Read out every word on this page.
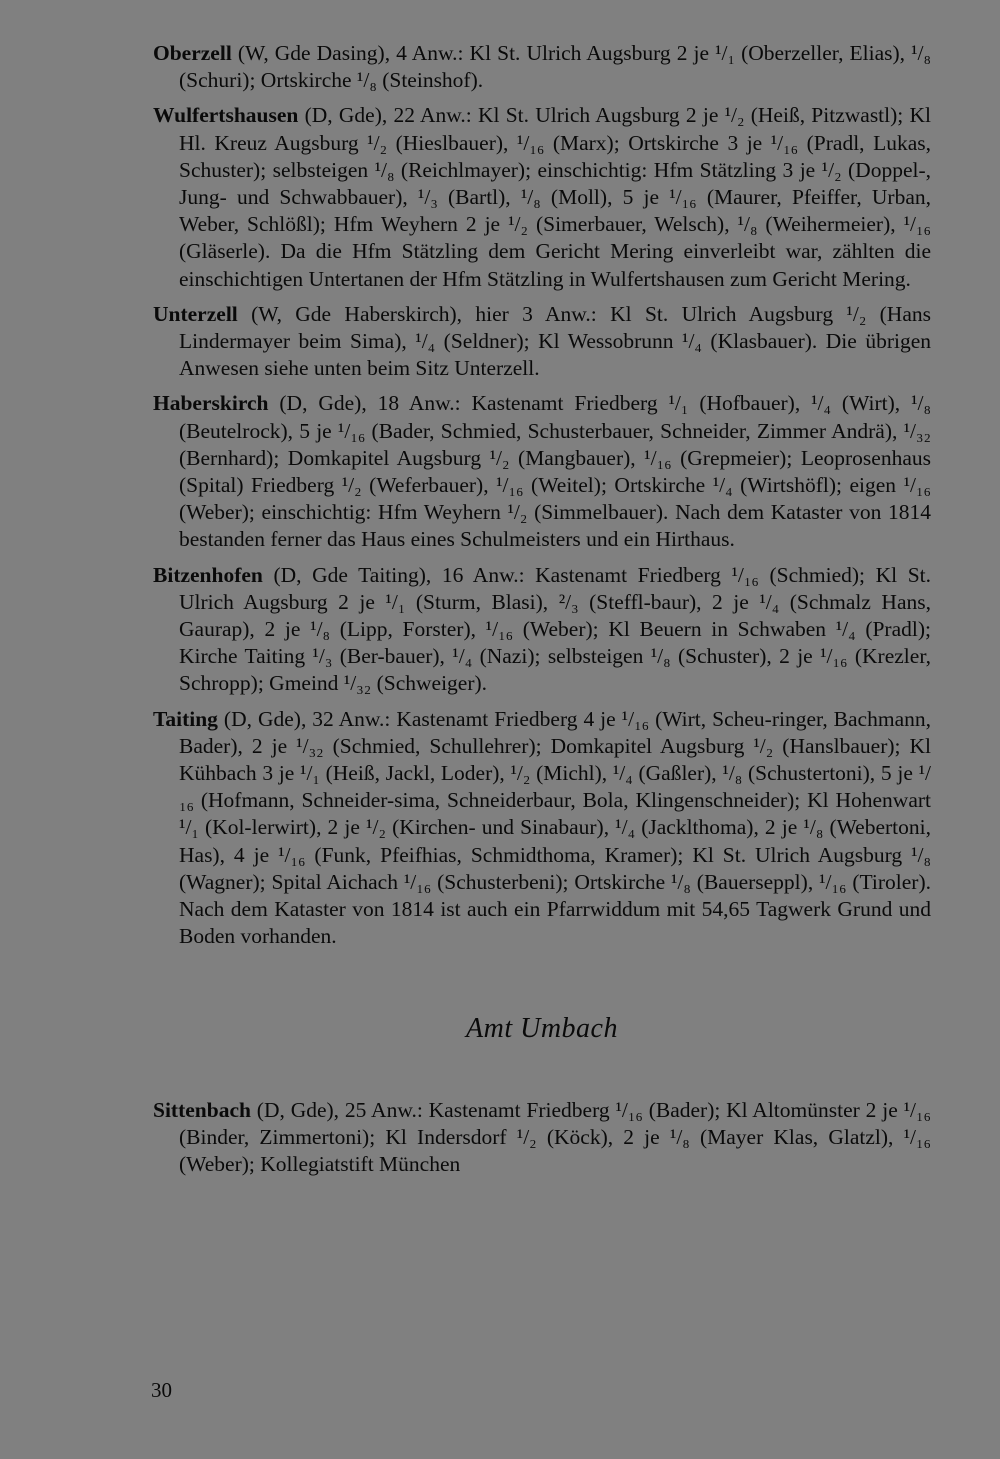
Oberzell (W, Gde Dasing), 4 Anw.: Kl St. Ulrich Augsburg 2 je ¹/₁ (Oberzeller, Elias), ¹/₈ (Schuri); Ortskirche ¹/₈ (Steinshof).
Wulfertshausen (D, Gde), 22 Anw.: Kl St. Ulrich Augsburg 2 je ¹/₂ (Heiß, Pitzwastl); Kl Hl. Kreuz Augsburg ¹/₂ (Hieslbauer), ¹/₁₆ (Marx); Ortskirche 3 je ¹/₁₆ (Pradl, Lukas, Schuster); selbsteigen ¹/₈ (Reichlmayer); einschichtig: Hfm Stätzling 3 je ¹/₂ (Doppel-, Jung- und Schwabbauer), ¹/₃ (Bartl), ¹/₈ (Moll), 5 je ¹/₁₆ (Maurer, Pfeiffer, Urban, Weber, Schlößl); Hfm Weyhern 2 je ¹/₂ (Simerbauer, Welsch), ¹/₈ (Weihermeier), ¹/₁₆ (Gläserle). Da die Hfm Stätzling dem Gericht Mering einverleibt war, zählten die einschichtigen Untertanen der Hfm Stätzling in Wulfertshausen zum Gericht Mering.
Unterzell (W, Gde Haberskirch), hier 3 Anw.: Kl St. Ulrich Augsburg ¹/₂ (Hans Lindermayer beim Sima), ¹/₄ (Seldner); Kl Wessobrunn ¹/₄ (Klasbauer). Die übrigen Anwesen siehe unten beim Sitz Unterzell.
Haberskirch (D, Gde), 18 Anw.: Kastenamt Friedberg ¹/₁ (Hofbauer), ¹/₄ (Wirt), ¹/₈ (Beutelrock), 5 je ¹/₁₆ (Bader, Schmied, Schusterbauer, Schneider, Zimmer Andrä), ¹/₃₂ (Bernhard); Domkapitel Augsburg ¹/₂ (Mangbauer), ¹/₁₆ (Grepmeier); Leoprosenhaus (Spital) Friedberg ¹/₂ (Weferbauer), ¹/₁₆ (Weitel); Ortskirche ¹/₄ (Wirtshöfl); eigen ¹/₁₆ (Weber); einschichtig: Hfm Weyhern ¹/₂ (Simmelbauer). Nach dem Kataster von 1814 bestanden ferner das Haus eines Schulmeisters und ein Hirthaus.
Bitzenhofen (D, Gde Taiting), 16 Anw.: Kastenamt Friedberg ¹/₁₆ (Schmied); Kl St. Ulrich Augsburg 2 je ¹/₁ (Sturm, Blasi), ²/₃ (Steffl-baur), 2 je ¹/₄ (Schmalz Hans, Gaurap), 2 je ¹/₈ (Lipp, Forster), ¹/₁₆ (Weber); Kl Beuern in Schwaben ¹/₄ (Pradl); Kirche Taiting ¹/₃ (Ber-bauer), ¹/₄ (Nazi); selbsteigen ¹/₈ (Schuster), 2 je ¹/₁₆ (Krezler, Schropp); Gmeind ¹/₃₂ (Schweiger).
Taiting (D, Gde), 32 Anw.: Kastenamt Friedberg 4 je ¹/₁₆ (Wirt, Scheu-ringer, Bachmann, Bader), 2 je ¹/₃₂ (Schmied, Schullehrer); Domkapitel Augsburg ¹/₂ (Hanslbauer); Kl Kühbach 3 je ¹/₁ (Heiß, Jackl, Loder), ¹/₂ (Michl), ¹/₄ (Gaßler), ¹/₈ (Schustertoni), 5 je ¹/₁₆ (Hofmann, Schneider-sima, Schneiderbaur, Bola, Klingenschneider); Kl Hohenwart ¹/₁ (Kol-lerwirt), 2 je ¹/₂ (Kirchen- und Sinabaur), ¹/₄ (Jacklthoma), 2 je ¹/₈ (Webertoni, Has), 4 je ¹/₁₆ (Funk, Pfeifhias, Schmidthoma, Kramer); Kl St. Ulrich Augsburg ¹/₈ (Wagner); Spital Aichach ¹/₁₆ (Schusterbeni); Ortskirche ¹/₈ (Bauerseppl), ¹/₁₆ (Tiroler). Nach dem Kataster von 1814 ist auch ein Pfarrwiddum mit 54,65 Tagwerk Grund und Boden vorhanden.
Amt Umbach
Sittenbach (D, Gde), 25 Anw.: Kastenamt Friedberg ¹/₁₆ (Bader); Kl Altomünster 2 je ¹/₁₆ (Binder, Zimmertoni); Kl Indersdorf ¹/₂ (Köck), 2 je ¹/₈ (Mayer Klas, Glatzl), ¹/₁₆ (Weber); Kollegiatstift München
30
